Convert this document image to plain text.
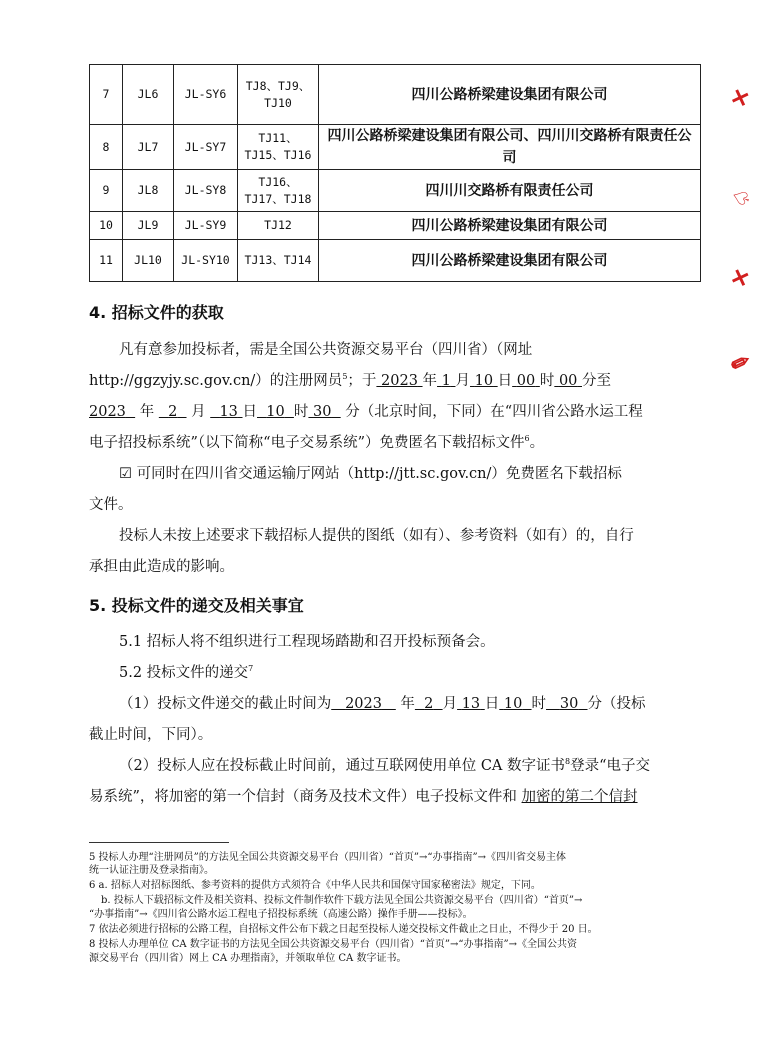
7	JL6	JL-SY6	TJ8、TJ9、TJ10	四川公路桥梁建设集团有限公司
8	JL7	JL-SY7	TJ11、TJ15、TJ16	四川公路桥梁建设集团有限公司、四川川交路桥有限责任公司
9	JL8	JL-SY8	TJ16、TJ17、TJ18	四川川交路桥有限责任公司
10	JL9	JL-SY9	TJ12	四川公路桥梁建设集团有限公司
11	JL10	JL-SY10	TJ13、TJ14	四川公路桥梁建设集团有限公司
4. 招标文件的获取
凡有意参加投标者，需是全国公共资源交易平台（四川省）（网址
http://ggzyjy.sc.gov.cn/）的注册网员$^5$；于 2023 年 1 月 10 日 00 时 00 分至
2023 年 2 月 13 日 10 时 30 分（北京时间，下同）在“四川省公路水运工程
电子招投标系统”（以下简称“电子交易系统”）免费匿名下载招标文件$^6$。
☑ 可同时在四川省交通运输厅网站（http://jtt.sc.gov.cn/）免费匿名下载招标
文件。
投标人未按上述要求下载招标人提供的图纸（如有）、参考资料（如有）的，自行
承担由此造成的影响。
5. 投标文件的递交及相关事宜
5.1 招标人将不组织进行工程现场踏勘和召开投标预备会。
5.2 投标文件的递交$^7$
（1）投标文件递交的截止时间为 2023 年 2 月 13 日 10 时 30 分（投标
截止时间，下同）。
（2）投标人应在投标截止时间前，通过互联网使用单位 CA 数字证书$^8$登录“电子交
易系统”，将加密的第一个信封（商务及技术文件）电子投标文件和 加密的第二个信封
5 投标人办理“注册网员”的方法见全国公共资源交易平台（四川省）“首页”→“办事指南”→《四川省交易主体
统一认证注册及登录指南》。
6 a. 招标人对招标图纸、参考资料的提供方式须符合《中华人民共和国保守国家秘密法》规定，下同。
b. 投标人下载招标文件及相关资料、投标文件制作软件下载方法见全国公共资源交易平台（四川省）“首页”→
“办事指南”→《四川省公路水运工程电子招投标系统（高速公路）操作手册——投标》。
7 依法必须进行招标的公路工程，自招标文件公布下载之日起至投标人递交投标文件截止之日止，不得少于 20 日。
8 投标人办理单位 CA 数字证书的方法见全国公共资源交易平台（四川省）“首页”→“办事指南”→《全国公共资
源交易平台（四川省）网上 CA 办理指南》，并领取单位 CA 数字证书。
✕
♤
✕
✎
